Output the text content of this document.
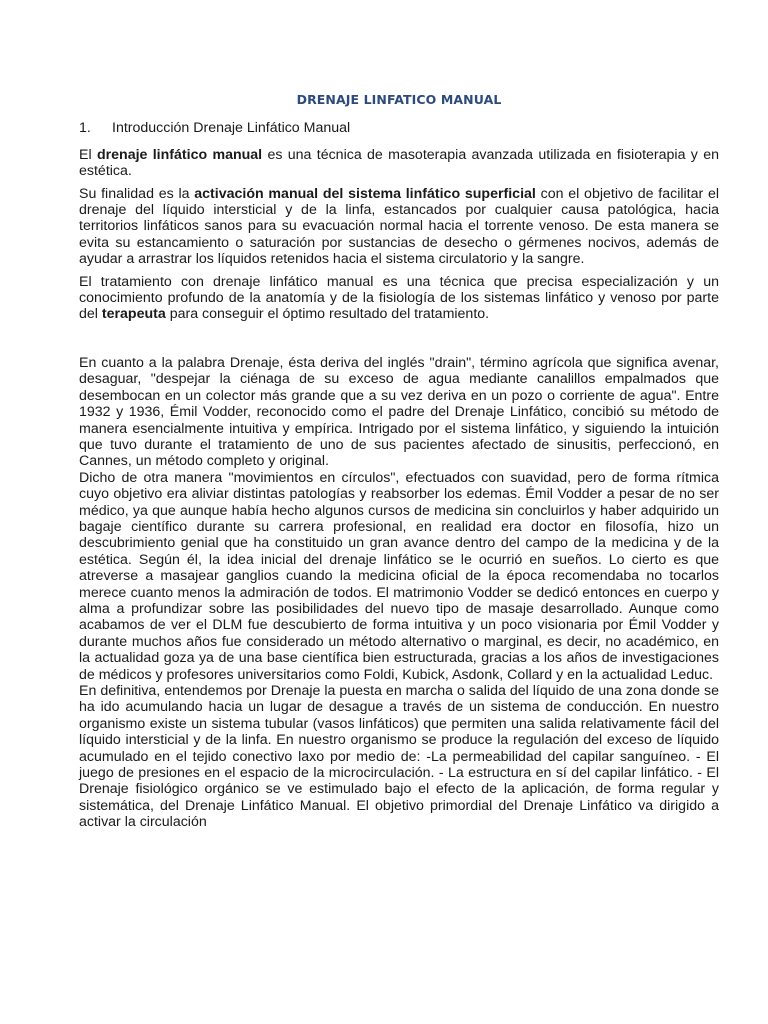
DRENAJE LINFATICO MANUAL
1.	Introducción Drenaje Linfático Manual

El drenaje linfático manual es una técnica de masoterapia avanzada utilizada en fisioterapia y en estética.

Su finalidad es la activación manual del sistema linfático superficial con el objetivo de facilitar el drenaje del líquido intersticial y de la linfa, estancados por cualquier causa patológica, hacia territorios linfáticos sanos para su evacuación normal hacia el torrente venoso. De esta manera se evita su estancamiento o saturación por sustancias de desecho o gérmenes nocivos, además de ayudar a arrastrar los líquidos retenidos hacia el sistema circulatorio y la sangre.

El tratamiento con drenaje linfático manual es una técnica que precisa especialización y un conocimiento profundo de la anatomía y de la fisiología de los sistemas linfático y venoso por parte del terapeuta para conseguir el óptimo resultado del tratamiento.

En cuanto a la palabra Drenaje, ésta deriva del inglés "drain", término agrícola que significa avenar, desaguar, "despejar la ciénaga de su exceso de agua mediante canalillos empalmados que desembocan en un colector más grande que a su vez deriva en un pozo o corriente de agua". Entre 1932 y 1936, Émil Vodder, reconocido como el padre del Drenaje Linfático, concibió su método de manera esencialmente intuitiva y empírica. Intrigado por el sistema linfático, y siguiendo la intuición que tuvo durante el tratamiento de uno de sus pacientes afectado de sinusitis, perfeccionó, en Cannes, un método completo y original.

Dicho de otra manera "movimientos en círculos", efectuados con suavidad, pero de forma rítmica cuyo objetivo era aliviar distintas patologías y reabsorber los edemas. Émil Vodder a pesar de no ser médico, ya que aunque había hecho algunos cursos de medicina sin concluirlos y haber adquirido un bagaje científico durante su carrera profesional, en realidad era doctor en filosofía, hizo un descubrimiento genial que ha constituido un gran avance dentro del campo de la medicina y de la estética. Según él, la idea inicial del drenaje linfático se le ocurrió en sueños. Lo cierto es que atreverse a masajear ganglios cuando la medicina oficial de la época recomendaba no tocarlos merece cuanto menos la admiración de todos. El matrimonio Vodder se dedicó entonces en cuerpo y alma a profundizar sobre las posibilidades del nuevo tipo de masaje desarrollado. Aunque como acabamos de ver el DLM fue descubierto de forma intuitiva y un poco visionaria por Émil Vodder y durante muchos años fue considerado un método alternativo o marginal, es decir, no académico, en la actualidad goza ya de una base científica bien estructurada, gracias a los años de investigaciones de médicos y profesores universitarios como Foldi, Kubick, Asdonk, Collard y en la actualidad Leduc.

En definitiva, entendemos por Drenaje la puesta en marcha o salida del líquido de una zona donde se ha ido acumulando hacia un lugar de desague a través de un sistema de conducción. En nuestro organismo existe un sistema tubular (vasos linfáticos) que permiten una salida relativamente fácil del líquido intersticial y de la linfa. En nuestro organismo se produce la regulación del exceso de líquido acumulado en el tejido conectivo laxo por medio de: -La permeabilidad del capilar sanguíneo. - El juego de presiones en el espacio de la microcirculación. - La estructura en sí del capilar linfático. - El Drenaje fisiológico orgánico se ve estimulado bajo el efecto de la aplicación, de forma regular y sistemática, del Drenaje Linfático Manual. El objetivo primordial del Drenaje Linfático va dirigido a activar la circulación
